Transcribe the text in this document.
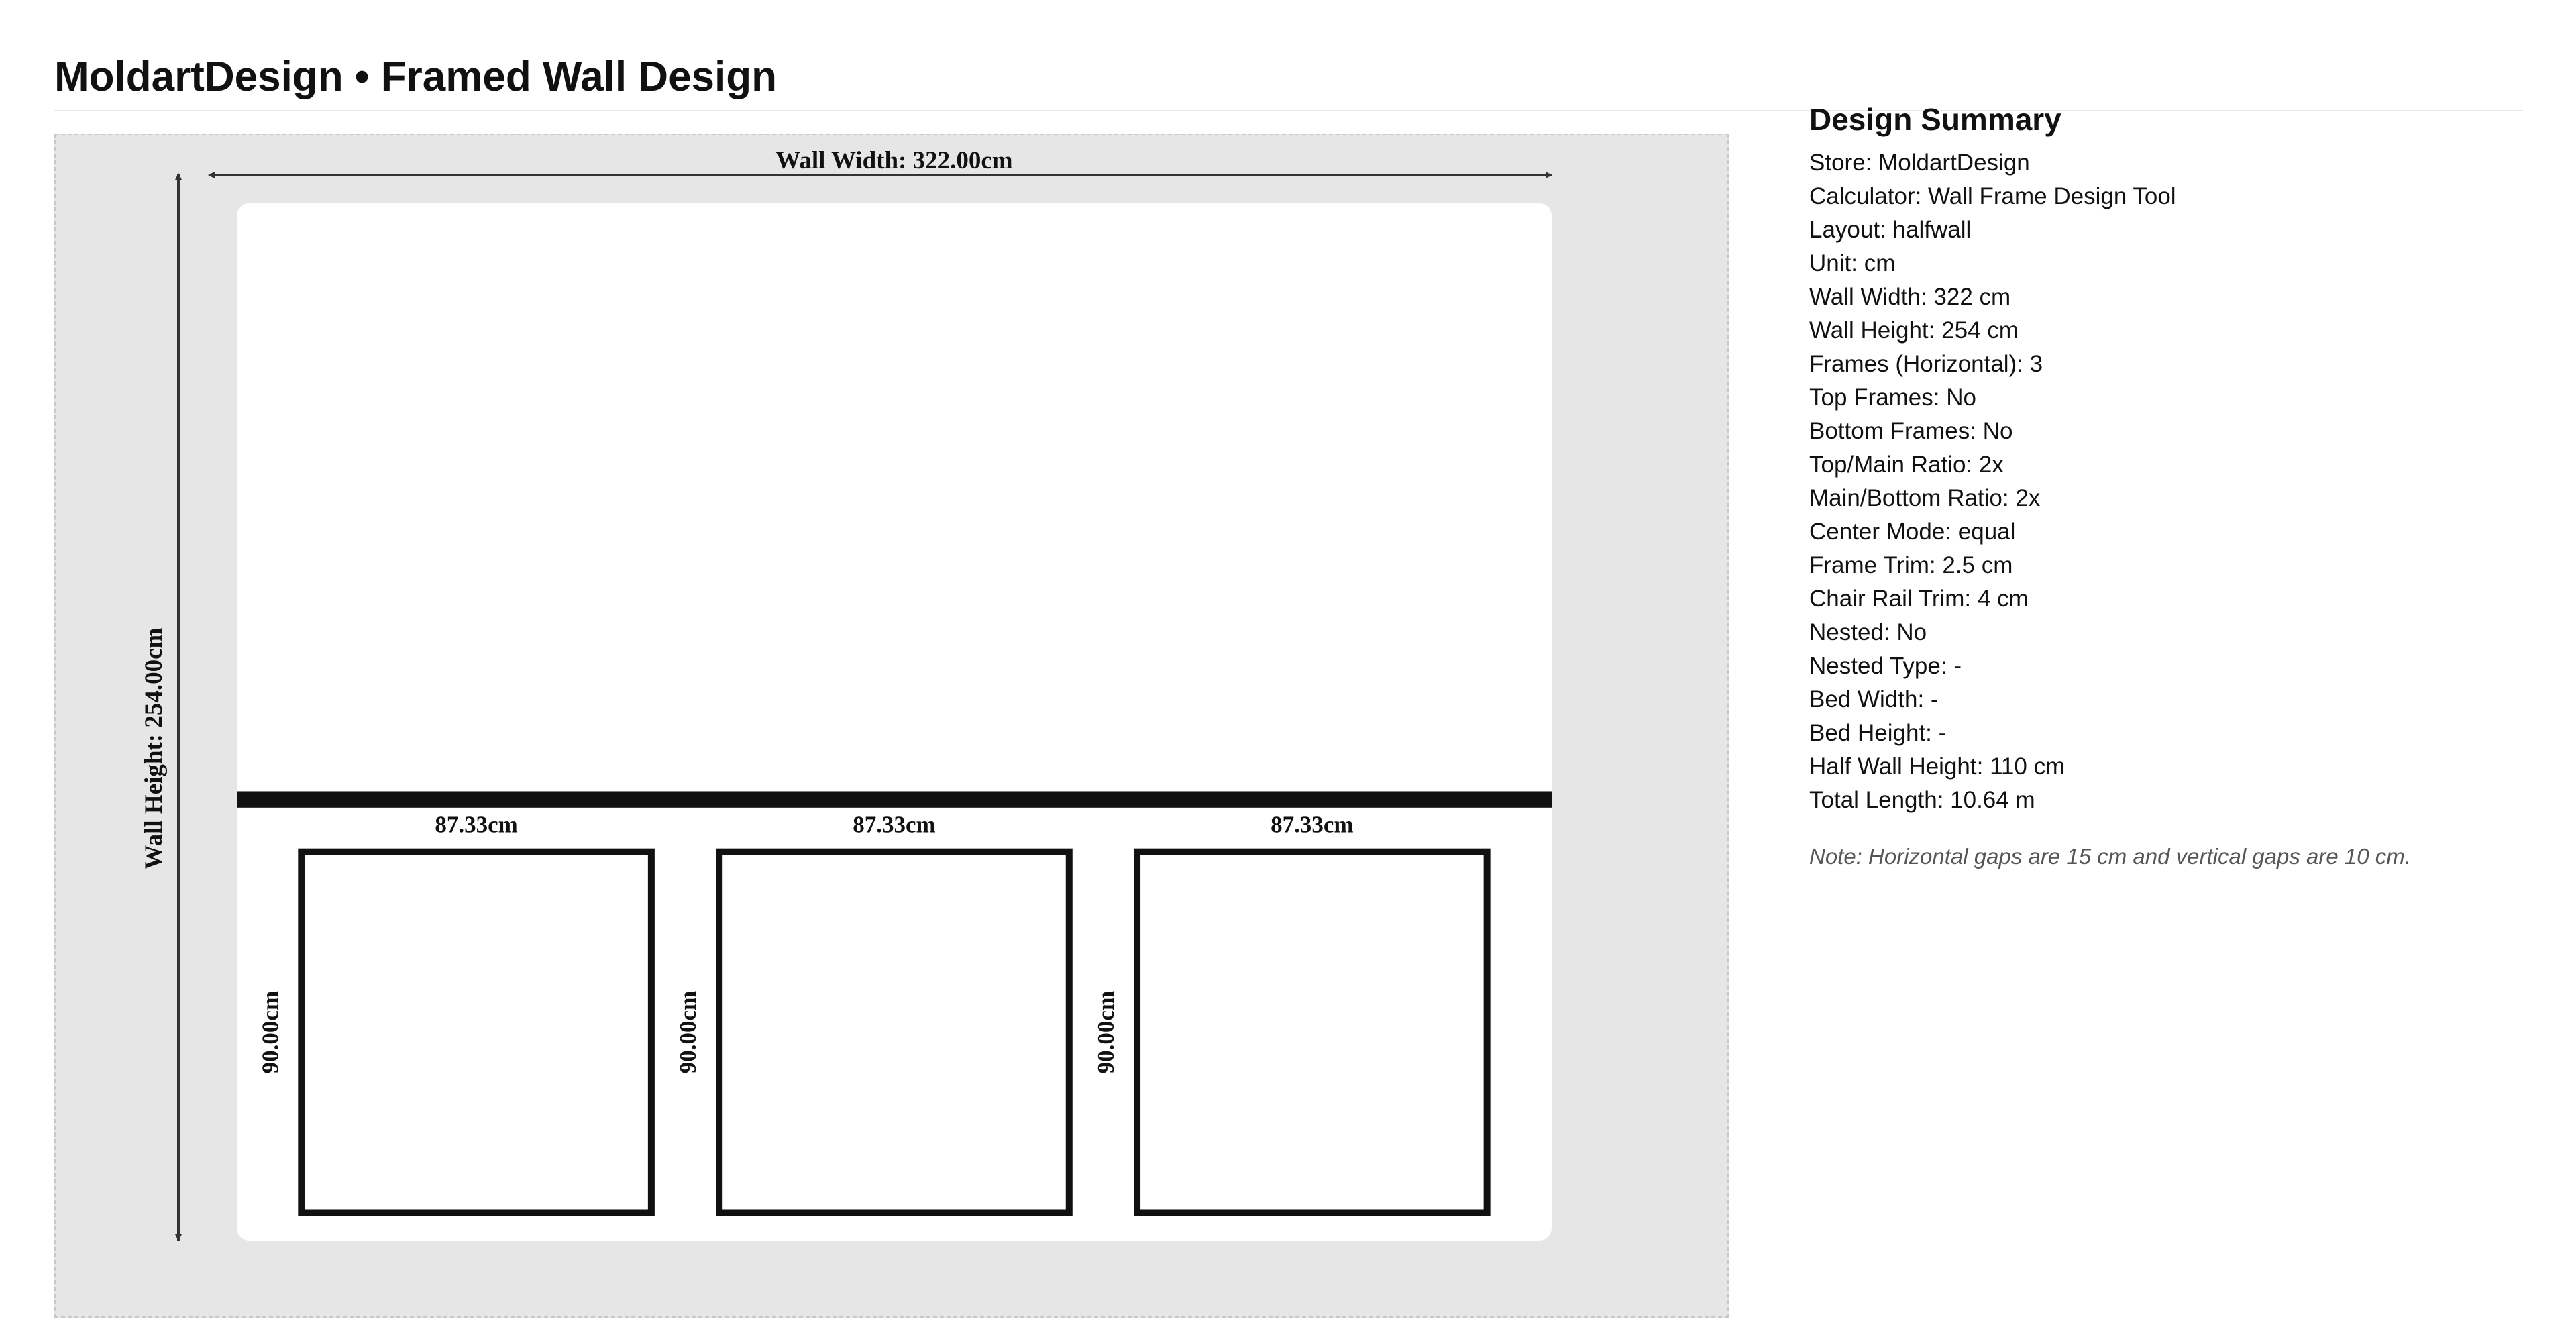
MoldartDesign • Framed Wall Design
Wall Width: 322.00cm
Wall Height: 254.00cm	87.33cm
90.00cm
87.33cm
90.00cm
87.33cm
90.00cm
Design Summary
Store: MoldartDesign
Calculator: Wall Frame Design Tool
Layout: halfwall
Unit: cm
Wall Width: 322 cm
Wall Height: 254 cm
Frames (Horizontal): 3
Top Frames: No
Bottom Frames: No
Top/Main Ratio: 2x
Main/Bottom Ratio: 2x
Center Mode: equal
Frame Trim: 2.5 cm
Chair Rail Trim: 4 cm
Nested: No
Nested Type: -
Bed Width: -
Bed Height: -
Half Wall Height: 110 cm
Total Length: 10.64 m

Note: Horizontal gaps are 15 cm and vertical gaps are 10 cm.
